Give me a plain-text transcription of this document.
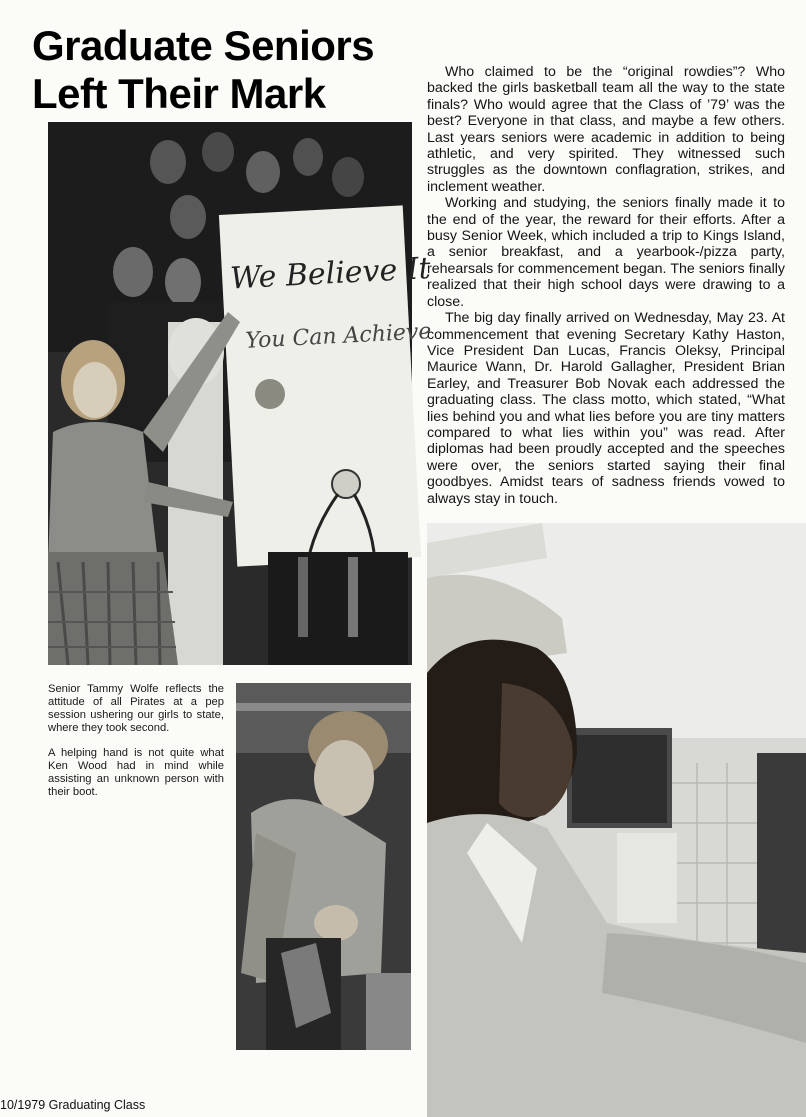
Graduate Seniors
Left Their Mark	Who claimed to be the “original rowdies”? Who backed the girls basketball team all the way to the state finals? Who would agree that the Class of ’79’ was the best? Everyone in that class, and maybe a few others. Last years seniors were academic in addition to being athletic, and very spirited. They witnessed such struggles as the downtown conflagration, strikes, and inclement weather.

Working and studying, the seniors finally made it to the end of the year, the reward for their efforts. After a busy Senior Week, which included a trip to Kings Island, a senior breakfast, and a yearbook-/pizza party, rehearsals for commencement began. The seniors finally realized that their high school days were drawing to a close.

The big day finally arrived on Wednesday, May 23. At commencement that evening Secretary Kathy Haston, Vice President Dan Lucas, Francis Oleksy, Principal Maurice Wann, Dr. Harold Gallagher, President Brian Earley, and Treasurer Bob Novak each addressed the graduating class. The class motto, which stated, “What lies behind you and what lies before you are tiny matters compared to what lies within you” was read. After diplomas had been proudly accepted and the speeches were over, the seniors started saying their final goodbyes. Amidst tears of sadness friends vowed to always stay in touch.

We Believe It
You Can Achieve
Senior Tammy Wolfe reflects the attitude of all Pirates at a pep session ushering our girls to state, where they took second.
A helping hand is not quite what Ken Wood had in mind while assisting an unknown person with their boot.
10/1979 Graduating Class
